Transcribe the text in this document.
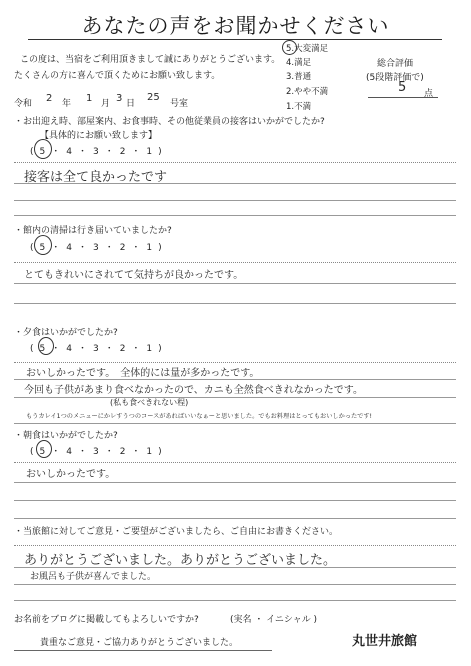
あなたの声をお聞かせください
この度は、当宿をご利用頂きまして誠にありがとうございます。
たくさんの方に喜んで頂くためにお願い致します。
5.大変満足
4.満足
3.普通
2.やや不満
1.不満
総合評価
(5段階評価で)
5 点
令和 2 年 1 月 3 日
25
号室
・お出迎え時、部屋案内、お食事時、その他従業員の接客はいかがでしたか?
【具体的にお願い致します】
(5・4・3・2・1)
接客は全て良かったです
・館内の清掃は行き届いていましたか?
(5・4・3・2・1)
とてもきれいにされてて気持ちが良かったです。
・夕食はいかがでしたか?
(5・4・3・2・1)
おいしかったです。　全体的には量が多かったです。
今回も子供があまり食べなかったので、カニも全然食べきれなかったです。
(私も食べきれない程)
もうカレイ1つのメニューにかレすうつのコースがあればいいなぁーと思いました。でもお料理はとってもおいしかったです!
・朝食はいかがでしたか?
(5・4・3・2・1)
おいしかったです。
・当旅館に対してご意見・ご要望がございましたら、ご自由にお書きください。
ありがとうございました。ありがとうございました。
お風呂も子供が喜んでました。
お名前をブログに掲載してもよろしいですか?	(実名 ・ イニシャル )
貴重なご意見・ご協力ありがとうございました。	丸世井旅館
